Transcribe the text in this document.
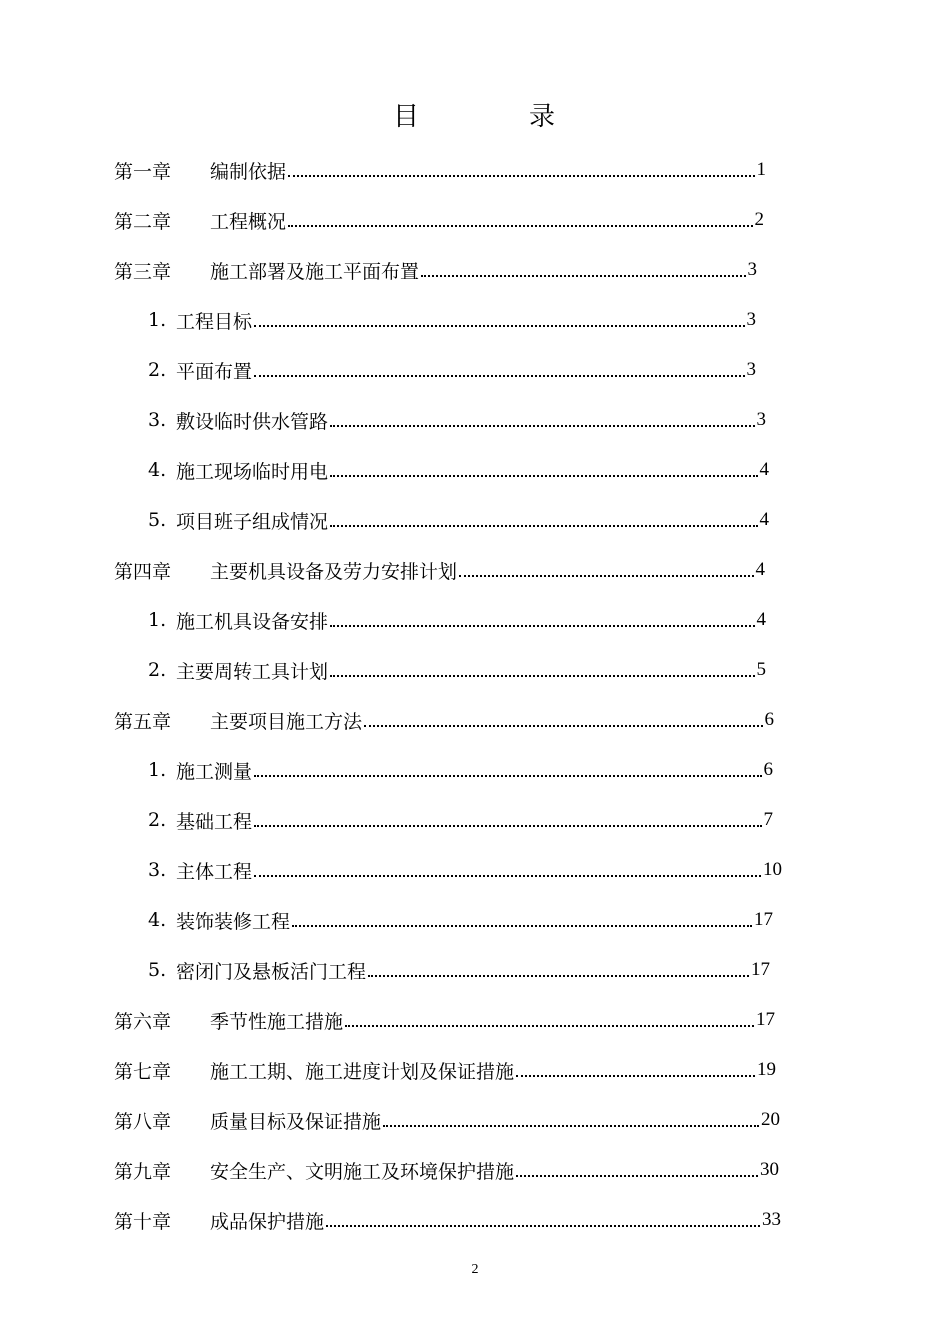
目	录
第一章	编制依据	1
第二章	工程概况	2
第三章	施工部署及施工平面布置	3
1. 工程目标	3
2. 平面布置	3
3. 敷设临时供水管路	3
4. 施工现场临时用电	4
5. 项目班子组成情况	4
第四章	主要机具设备及劳力安排计划	4
1. 施工机具设备安排	4
2. 主要周转工具计划	5
第五章	主要项目施工方法	6
1. 施工测量	6
2. 基础工程	7
3. 主体工程	10
4. 装饰装修工程	17
5. 密闭门及悬板活门工程	17
第六章	季节性施工措施	17
第七章	施工工期、施工进度计划及保证措施	19
第八章	质量目标及保证措施	20
第九章	安全生产、文明施工及环境保护措施	30
第十章	成品保护措施	33
2
